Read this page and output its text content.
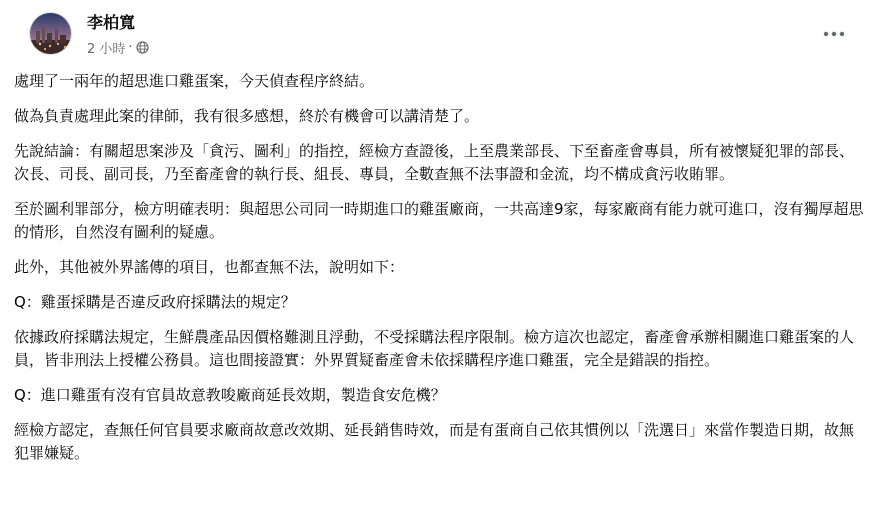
李柏寬
2 小時 ·

處理了一兩年的超思進口雞蛋案，今天偵查程序終結。

做為負責處理此案的律師，我有很多感想，終於有機會可以講清楚了。

先說結論：有關超思案涉及「貪污、圖利」的指控，經檢方查證後，上至農業部長、下至畜產會專員，所有被懷疑犯罪的部長、次長、司長、副司長，乃至畜產會的執行長、組長、專員，全數查無不法事證和金流，均不構成貪污收賄罪。

至於圖利罪部分，檢方明確表明：與超思公司同一時期進口的雞蛋廠商，一共高達9家，每家廠商有能力就可進口，沒有獨厚超思的情形，自然沒有圖利的疑慮。

此外，其他被外界謠傳的項目，也都查無不法，說明如下：

Q：雞蛋採購是否違反政府採購法的規定？

依據政府採購法規定，生鮮農產品因價格難測且浮動，不受採購法程序限制。檢方這次也認定，畜產會承辦相關進口雞蛋案的人員，皆非刑法上授權公務員。這也間接證實：外界質疑畜產會未依採購程序進口雞蛋，完全是錯誤的指控。

Q：進口雞蛋有沒有官員故意教唆廠商延長效期，製造食安危機？

經檢方認定，查無任何官員要求廠商故意改效期、延長銷售時效，而是有蛋商自己依其慣例以「洗選日」來當作製造日期，故無犯罪嫌疑。
